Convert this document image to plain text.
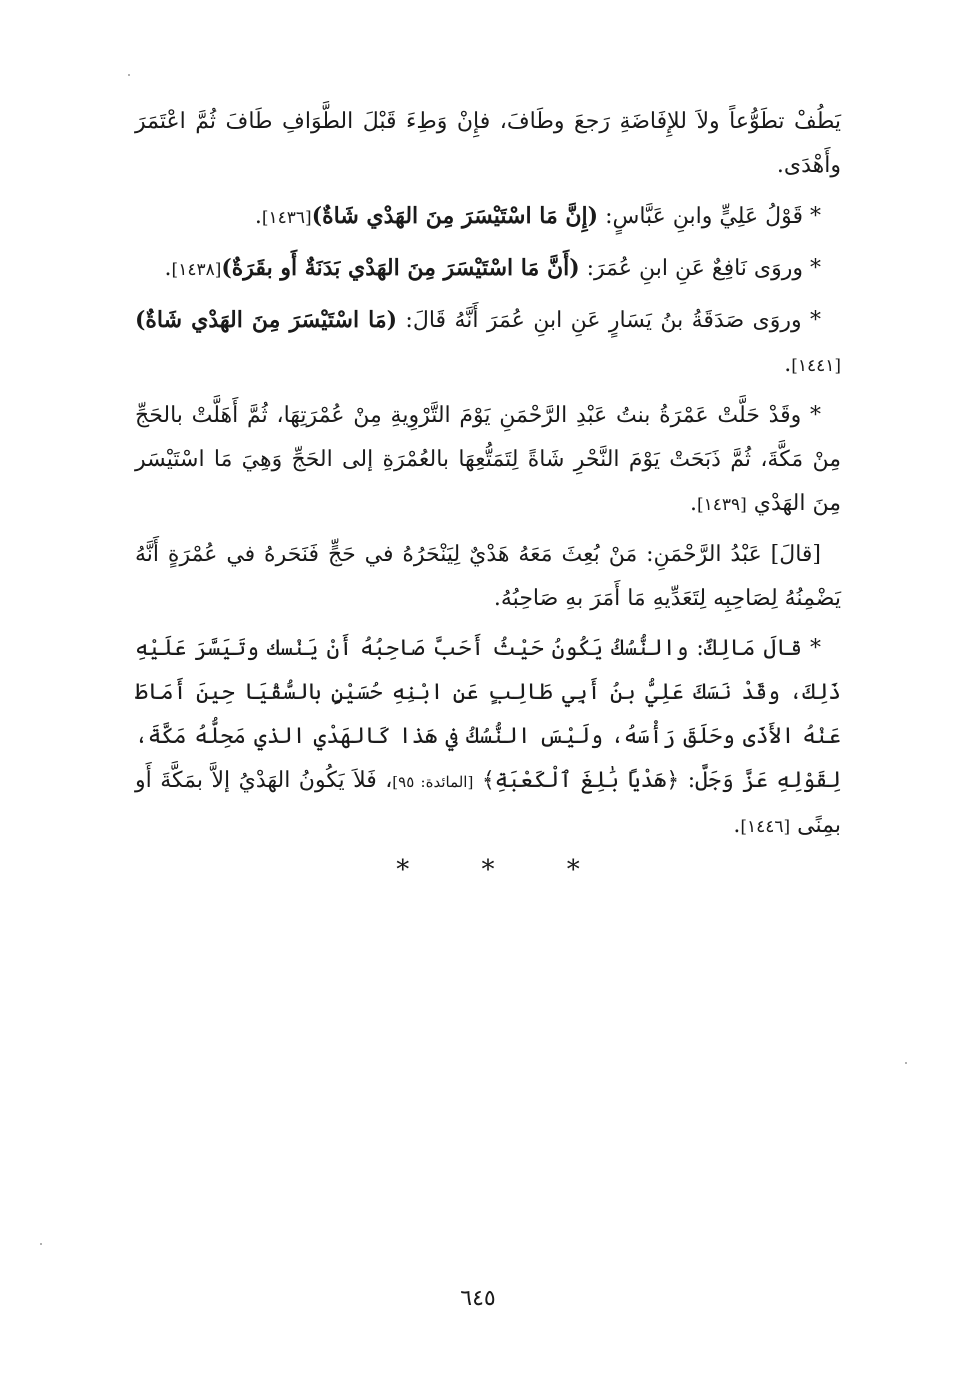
يَطُفْ تطَوُّعاً ولاَ للإِفَاضَةِ رَجعَ وطَافَ، فإِنْ وَطِءَ قَبْلَ الطَّوَافِ طَافَ ثُمَّ اعْتَمَرَ وأَهْدَى.

* قَوْلُ عَلِيٍّ وابنِ عَبَّاسٍ: (إِنَّ مَا اسْتَيْسَرَ مِنَ الهَدْي شَاةٌ)[١٤٣٦].

* وروَى نَافِعٌ عَنِ ابنِ عُمَرَ: (أَنَّ مَا اسْتَيْسَرَ مِنَ الهَدْي بَدَنَةٌ أَو بقَرَةٌ)[١٤٣٨].

* وروَى صَدَقَةُ بنُ يَسَارٍ عَنِ ابنِ عُمَرَ أَنَّهُ قَالَ: (مَا اسْتَيْسَرَ مِنَ الهَدْي شَاةٌ)[١٤٤١].

* وقَدْ حَلَّتْ عَمْرَةُ بنتُ عَبْدِ الرَّحْمَنِ يَوْمَ التَّرْوِيةِ مِنْ عُمْرَتِهَا، ثُمَّ أَهَلَّتْ بالحَجِّ مِنْ مَكَّةَ، ثُمَّ ذَبَحَتْ يَوْمَ النَّحْرِ شَاةً لِتَمَتُّعِهَا بالعُمْرَةِ إلى الحَجِّ وَهِيَ مَا اسْتَيْسَر مِنَ الهَدْي [١٤٣٩].

[قالَ] عَبْدُ الرَّحْمَنِ: مَنْ بُعِثَ مَعَهُ هَدْيٌ لِيَنْحَرُهُ في حَجٍّ فَنَحَرهُ في عُمْرَةٍ أَنَّهُ يَضْمِنُهُ لِصَاحِبِه لِتَعَدِّيهِ مَا أَمَرَ بهِ صَاحِبُهُ.

* قالَ مَالِكٌ: والنُّسُكُ يَكُونُ حَيْثُ أَحَبَّ صَاحِبُهُ أَنْ يَنْسك وتَيَسَّرَ عَلَيْهِ ذَلِكَ، وقَدْ نَسَكَ عَلِيُّ بنُ أَبِي طَالِبٍ عَنِ ابْنِهِ حُسَيْنٍ بالسُّقْيَا حِينَ أَمَاطَ عَنْهُ الأَذَى وحَلَقَ رَأْسَهُ، ولَيْسَ النُّسُكُ في هَذا كَالهَدْي الذي مَحِلُّهُ مَكَّةَ، لِقَوْلِهِ عَزَّ وَجَلَّ: ﴿هَدْيًا بَٰلِغَ ٱلْكَعْبَةِ﴾ [المائدة: ٩٥]، فَلاَ يَكُونُ الهَدْيُ إلاَّ بمَكَّةَ أَو بمِنًى [١٤٤٦].

* * *
٦٤٥
